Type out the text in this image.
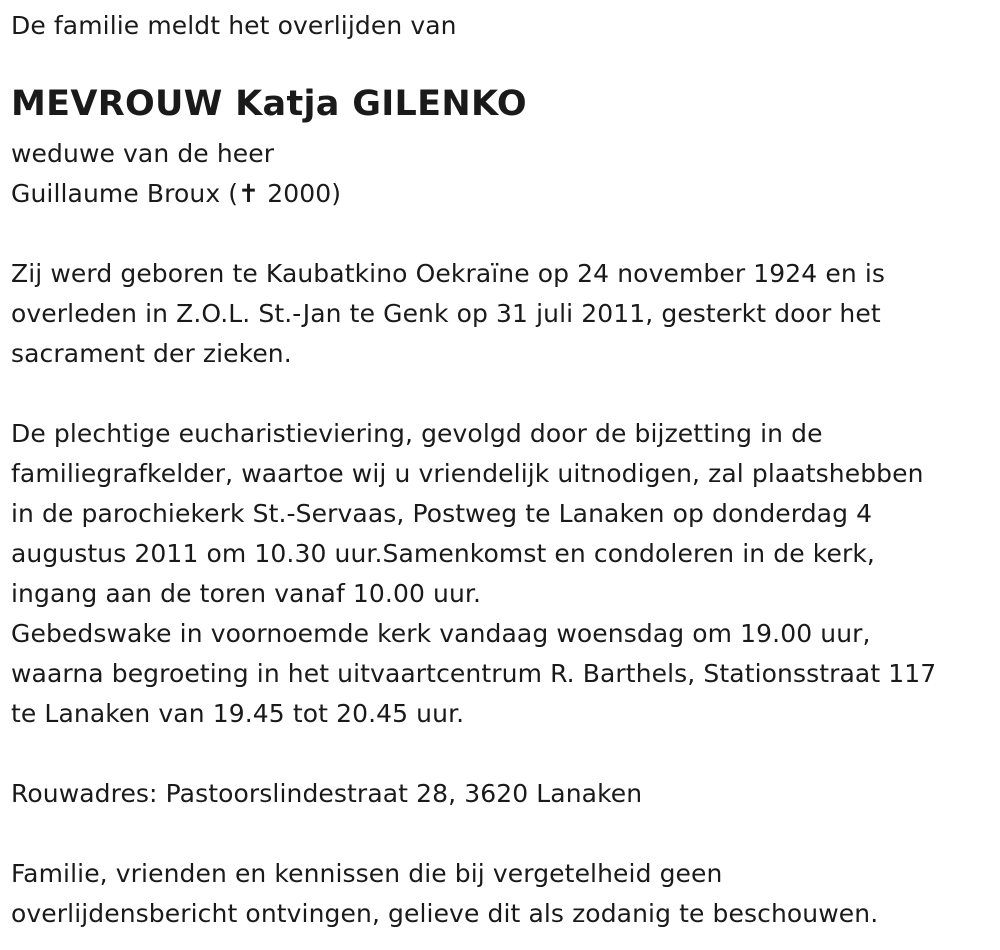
De familie meldt het overlijden van
MEVROUW Katja GILENKO
weduwe van de heer
Guillaume Broux (✝ 2000)
Zij werd geboren te Kaubatkino Oekraïne op 24 november 1924 en is
overleden in Z.O.L. St.-Jan te Genk op 31 juli 2011, gesterkt door het
sacrament der zieken.
De plechtige eucharistieviering, gevolgd door de bijzetting in de
familiegrafkelder, waartoe wij u vriendelijk uitnodigen, zal plaatshebben
in de parochiekerk St.-Servaas, Postweg te Lanaken op donderdag 4
augustus 2011 om 10.30 uur.Samenkomst en condoleren in de kerk,
ingang aan de toren vanaf 10.00 uur.
Gebedswake in voornoemde kerk vandaag woensdag om 19.00 uur,
waarna begroeting in het uitvaartcentrum R. Barthels, Stationsstraat 117
te Lanaken van 19.45 tot 20.45 uur.
Rouwadres: Pastoorslindestraat 28, 3620 Lanaken
Familie, vrienden en kennissen die bij vergetelheid geen
overlijdensbericht ontvingen, gelieve dit als zodanig te beschouwen.
